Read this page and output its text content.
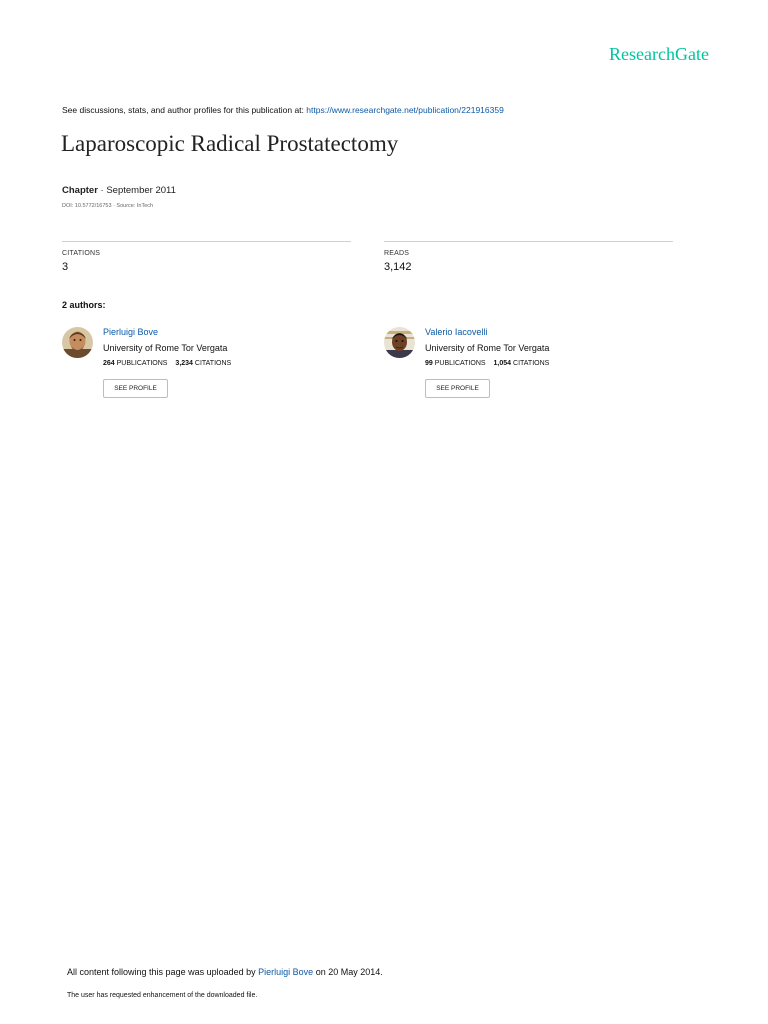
ResearchGate
See discussions, stats, and author profiles for this publication at: https://www.researchgate.net/publication/221916359
Laparoscopic Radical Prostatectomy
Chapter · September 2011
DOI: 10.5772/16753 · Source: InTech
CITATIONS
3
READS
3,142
2 authors:
Pierluigi Bove
University of Rome Tor Vergata
264 PUBLICATIONS 3,234 CITATIONS
SEE PROFILE
Valerio Iacovelli
University of Rome Tor Vergata
99 PUBLICATIONS 1,054 CITATIONS
SEE PROFILE
All content following this page was uploaded by Pierluigi Bove on 20 May 2014.
The user has requested enhancement of the downloaded file.
